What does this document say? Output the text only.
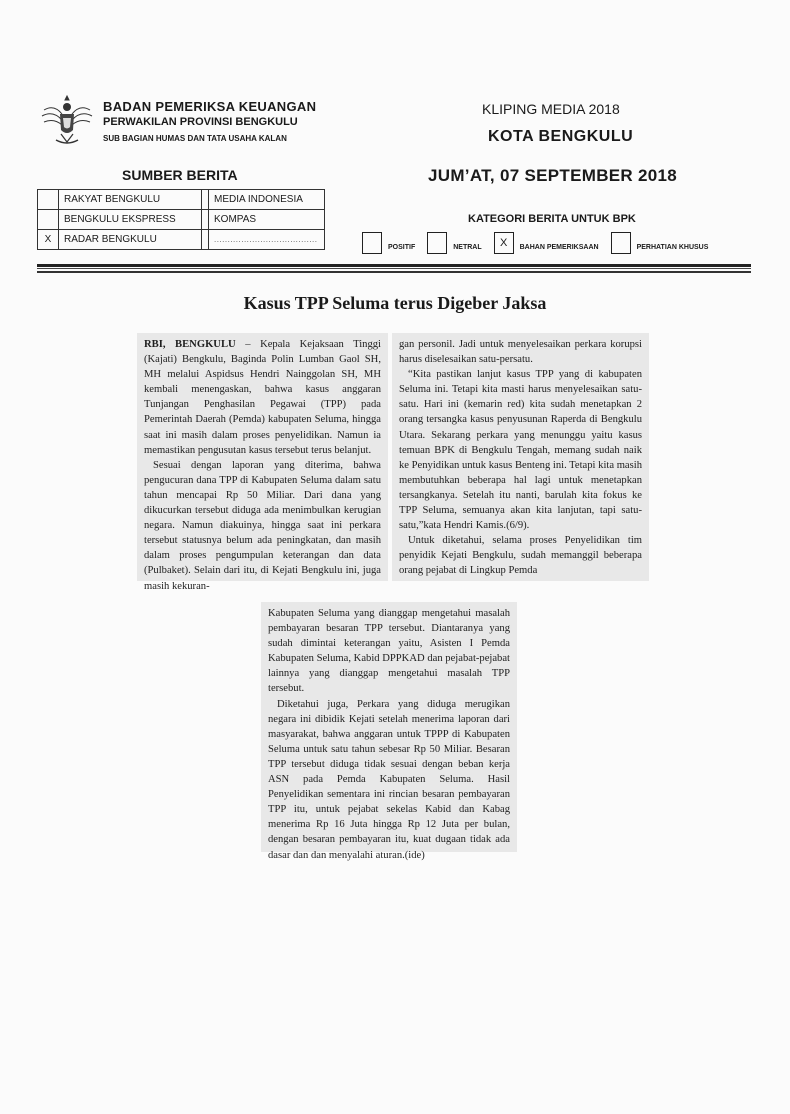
BADAN PEMERIKSA KEUANGAN
PERWAKILAN PROVINSI BENGKULU
SUB BAGIAN HUMAS DAN TATA USAHA KALAN
KLIPING MEDIA 2018
KOTA BENGKULU
SUMBER BERITA	JUM’AT, 07 SEPTEMBER 2018
	RAKYAT BENGKULU		MEDIA INDONESIA
	BENGKULU EKSPRESS		KOMPAS
X	RADAR BENGKULU		......................................
KATEGORI BERITA UNTUK BPK
POSITIF	NETRAL	X	BAHAN PEMERIKSAAN	PERHATIAN KHUSUS
Kasus TPP Seluma terus Digeber Jaksa

RBI, BENGKULU – Kepala Kejaksaan Tinggi (Kajati) Bengkulu, Baginda Polin Lumban Gaol SH, MH melalui Aspidsus Hendri Nainggolan SH, MH kembali menengaskan, bahwa kasus anggaran Tunjangan Penghasilan Pegawai (TPP) pada Pemerintah Daerah (Pemda) kabupaten Seluma, hingga saat ini masih dalam proses penyelidikan. Namun ia memastikan pengusutan kasus tersebut terus belanjut.

Sesuai dengan laporan yang diterima, bahwa pengucuran dana TPP di Kabupaten Seluma dalam satu tahun mencapai Rp 50 Miliar. Dari dana yang dikucurkan tersebut diduga ada menimbulkan kerugian negara. Namun diakuinya, hingga saat ini perkara tersebut statusnya belum ada peningkatan, dan masih dalam proses pengumpulan keterangan dan data (Pulbaket). Selain dari itu, di Kejati Bengkulu ini, juga masih kekuran-

gan personil. Jadi untuk menyelesaikan perkara korupsi harus diselesaikan satu-persatu.

“Kita pastikan lanjut kasus TPP yang di kabupaten Seluma ini. Tetapi kita masti harus menyelesaikan satu-satu. Hari ini (kemarin red) kita sudah menetapkan 2 orang tersangka kasus penyusunan Raperda di Bengkulu Utara. Sekarang perkara yang menunggu yaitu kasus temuan BPK di Bengkulu Tengah, memang sudah naik ke Penyidikan untuk kasus Benteng ini. Tetapi kita masih membutuhkan beberapa hal lagi untuk menetapkan tersangkanya. Setelah itu nanti, barulah kita fokus ke TPP Seluma, semuanya akan kita lanjutan, tapi satu-satu,”kata Hendri Kamis.(6/9).

Untuk diketahui, selama proses Penyelidikan tim penyidik Kejati Bengkulu, sudah memanggil beberapa orang pejabat di Lingkup Pemda

Kabupaten Seluma yang dianggap mengetahui masalah pembayaran besaran TPP tersebut. Diantaranya yang sudah dimintai keterangan yaitu, Asisten I Pemda Kabupaten Seluma, Kabid DPPKAD dan pejabat-pejabat lainnya yang dianggap mengetahui masalah TPP tersebut.

Diketahui juga, Perkara yang diduga merugikan negara ini dibidik Kejati setelah menerima laporan dari masyarakat, bahwa anggaran untuk TPPP di Kabupaten Seluma untuk satu tahun sebesar Rp 50 Miliar. Besaran TPP tersebut diduga tidak sesuai dengan beban kerja ASN pada Pemda Kabupaten Seluma. Hasil Penyelidikan sementara ini rincian besaran pembayaran TPP itu, untuk pejabat sekelas Kabid dan Kabag menerima Rp 16 Juta hingga Rp 12 Juta per bulan, dengan besaran pembayaran itu, kuat dugaan tidak ada dasar dan dan menyalahi aturan.(ide)
